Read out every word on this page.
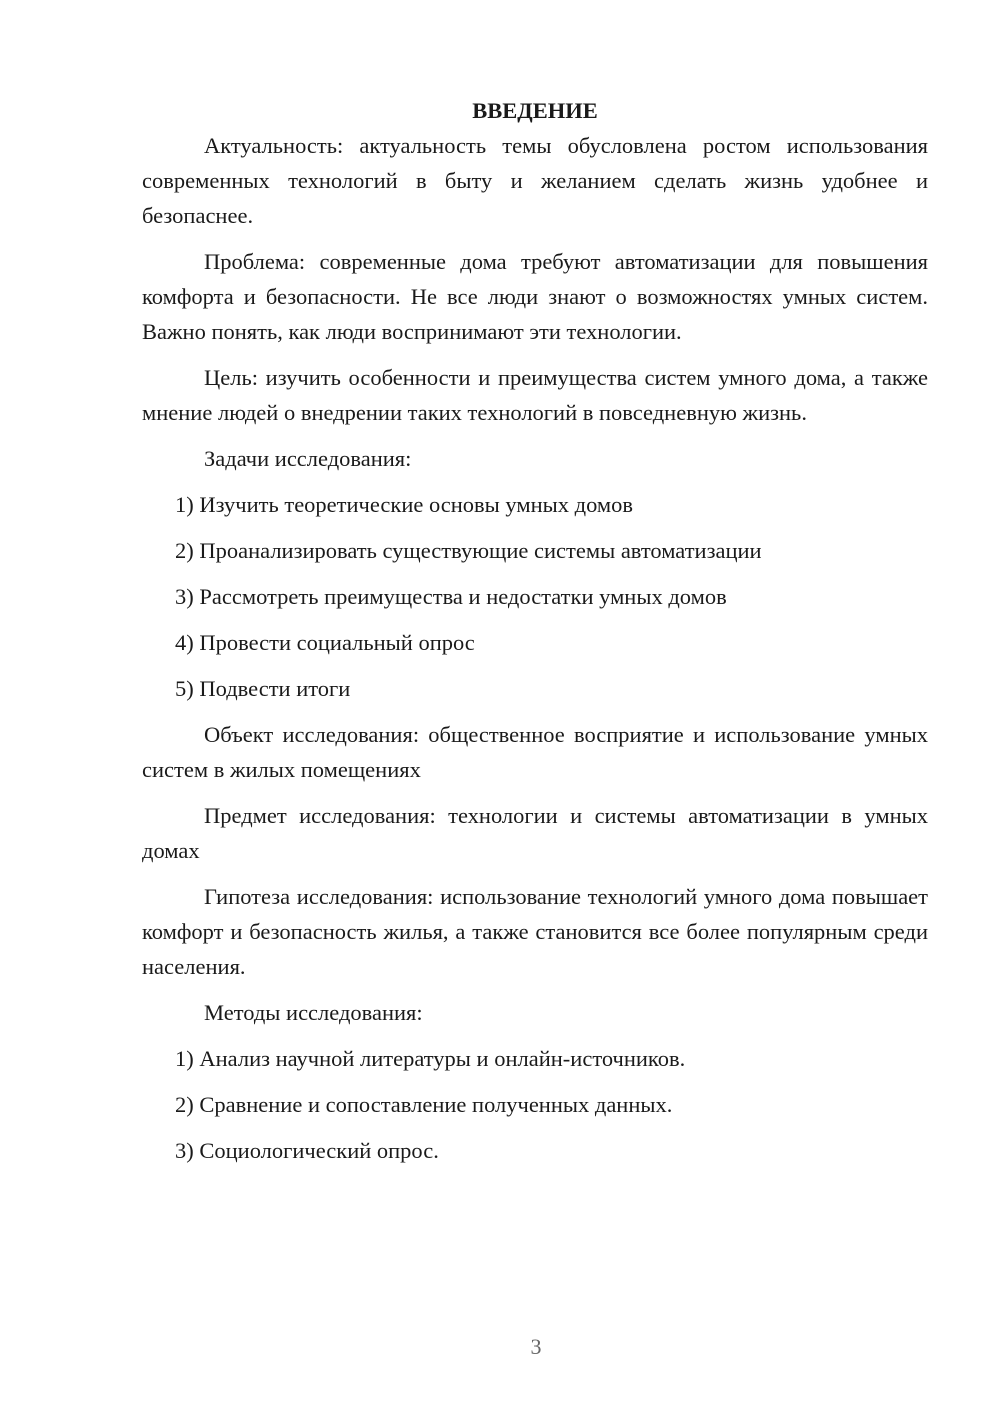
ВВЕДЕНИЕ

Актуальность: актуальность темы обусловлена ростом использования современных технологий в быту и желанием сделать жизнь удобнее и безопаснее.

Проблема: современные дома требуют автоматизации для повышения комфорта и безопасности. Не все люди знают о возможностях умных систем. Важно понять, как люди воспринимают эти технологии.

Цель: изучить особенности и преимущества систем умного дома, а также мнение людей о внедрении таких технологий в повседневную жизнь.

Задачи исследования:
1) Изучить теоретические основы умных домов
2) Проанализировать существующие системы автоматизации
3) Рассмотреть преимущества и недостатки умных домов
4) Провести социальный опрос
5) Подвести итоги

Объект исследования: общественное восприятие и использование умных систем в жилых помещениях

Предмет исследования: технологии и системы автоматизации в умных домах

Гипотеза исследования: использование технологий умного дома повышает комфорт и безопасность жилья, а также становится все более популярным среди населения.

Методы исследования:
1) Анализ научной литературы и онлайн-источников.
2) Сравнение и сопоставление полученных данных.
3) Социологический опрос.
3
